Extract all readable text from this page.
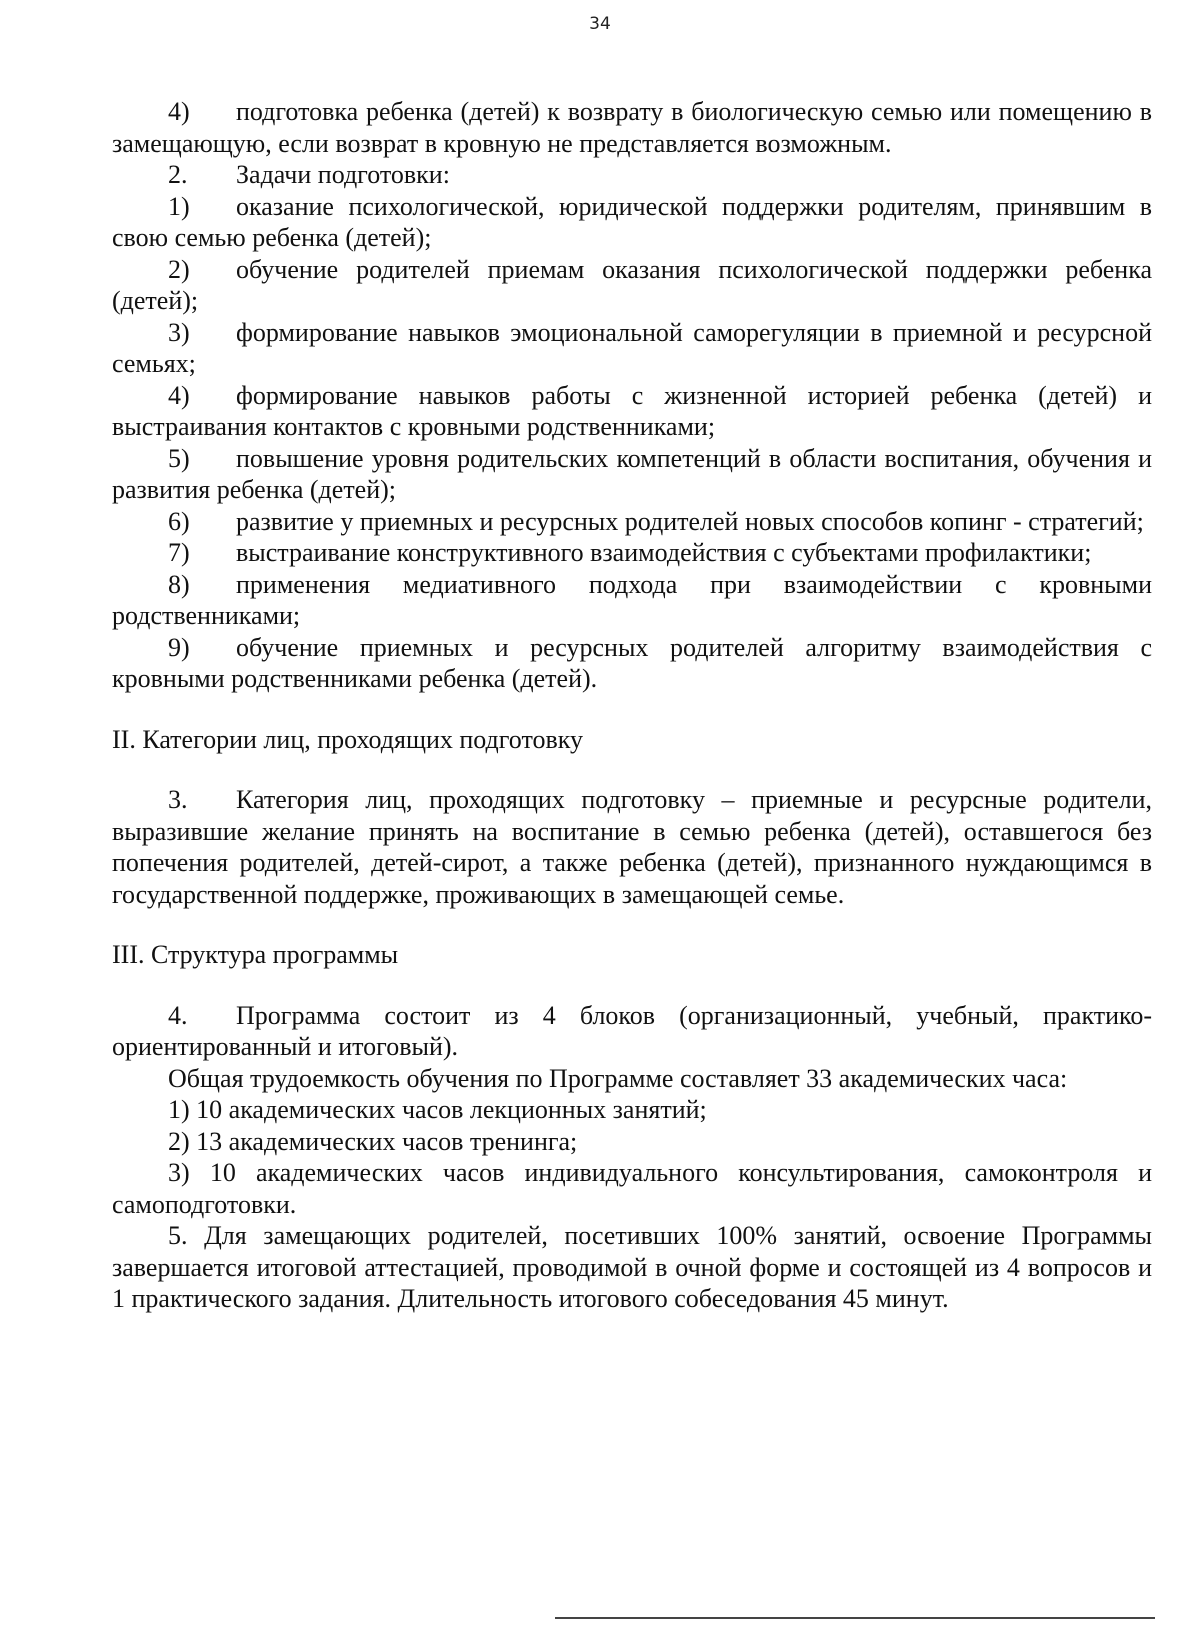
34

4) подготовка ребенка (детей) к возврату в биологическую семью или помещению в замещающую, если возврат в кровную не представляется возможным.

2. Задачи подготовки:

1) оказание психологической, юридической поддержки родителям, принявшим в свою семью ребенка (детей);

2) обучение родителей приемам оказания психологической поддержки ребенка (детей);

3) формирование навыков эмоциональной саморегуляции в приемной и ресурсной семьях;

4) формирование навыков работы с жизненной историей ребенка (детей) и выстраивания контактов с кровными родственниками;

5) повышение уровня родительских компетенций в области воспитания, обучения и развития ребенка (детей);

6) развитие у приемных и ресурсных родителей новых способов копинг - стратегий;

7) выстраивание конструктивного взаимодействия с субъектами профилактики;

8) применения медиативного подхода при взаимодействии с кровными родственниками;

9) обучение приемных и ресурсных родителей алгоритму взаимодействия с кровными родственниками ребенка (детей).

II. Категории лиц, проходящих подготовку

3. Категория лиц, проходящих подготовку – приемные и ресурсные родители, выразившие желание принять на воспитание в семью ребенка (детей), оставшегося без попечения родителей, детей-сирот, а также ребенка (детей), признанного нуждающимся в государственной поддержке, проживающих в замещающей семье.

III. Структура программы

4. Программа состоит из 4 блоков (организационный, учебный, практико-ориентированный и итоговый).

Общая трудоемкость обучения по Программе составляет 33 академических часа:

1) 10 академических часов лекционных занятий;

2) 13 академических часов тренинга;

3) 10 академических часов индивидуального консультирования, самоконтроля и самоподготовки.

5. Для замещающих родителей, посетивших 100% занятий, освоение Программы завершается итоговой аттестацией, проводимой в очной форме и состоящей из 4 вопросов и 1 практического задания. Длительность итогового собеседования 45 минут.
